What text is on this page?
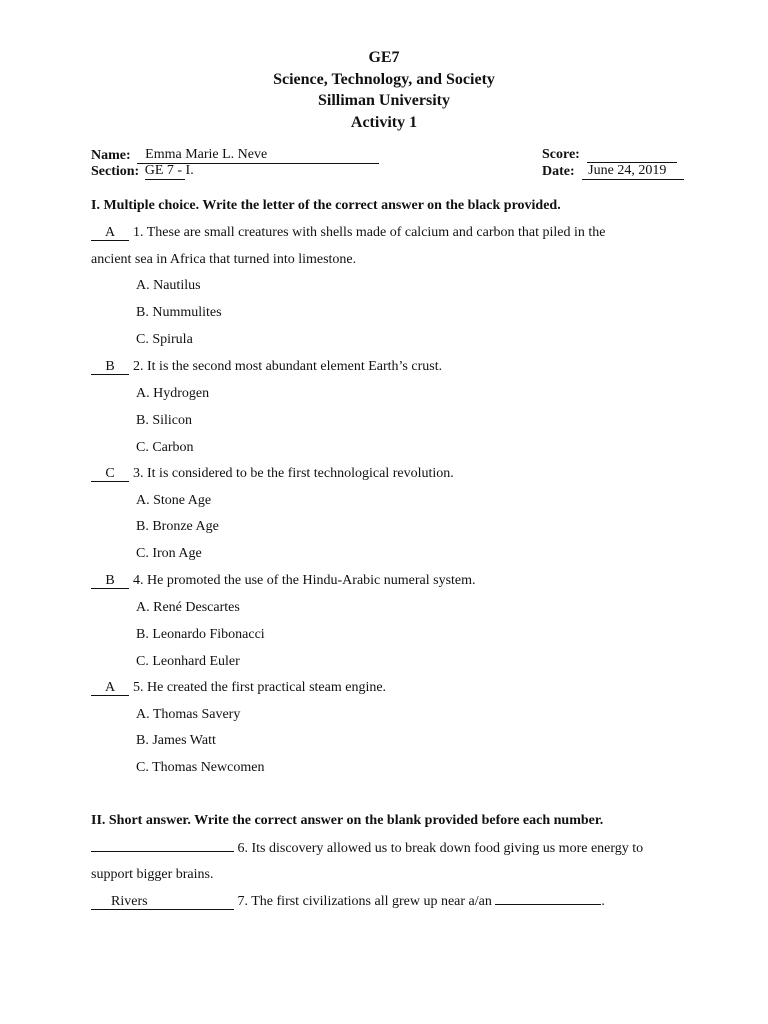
GE7
Science, Technology, and Society
Silliman University
Activity 1
Name: Emma Marie L. Neve
Section: GE 7 - I.
Score:
Date: June 24, 2019
I. Multiple choice. Write the letter of the correct answer on the black provided.
A 1. These are small creatures with shells made of calcium and carbon that piled in the
ancient sea in Africa that turned into limestone.
A. Nautilus
B. Nummulites
C. Spirula
B 2. It is the second most abundant element Earth’s crust.
A. Hydrogen
B. Silicon
C. Carbon
C 3. It is considered to be the first technological revolution.
A. Stone Age
B. Bronze Age
C. Iron Age
B 4. He promoted the use of the Hindu-Arabic numeral system.
A. René Descartes
B. Leonardo Fibonacci
C. Leonhard Euler
A 5. He created the first practical steam engine.
A. Thomas Savery
B. James Watt
C. Thomas Newcomen
II. Short answer. Write the correct answer on the blank provided before each number.
6. Its discovery allowed us to break down food giving us more energy to
support bigger brains.
Rivers	7. The first civilizations all grew up near a/an	.
